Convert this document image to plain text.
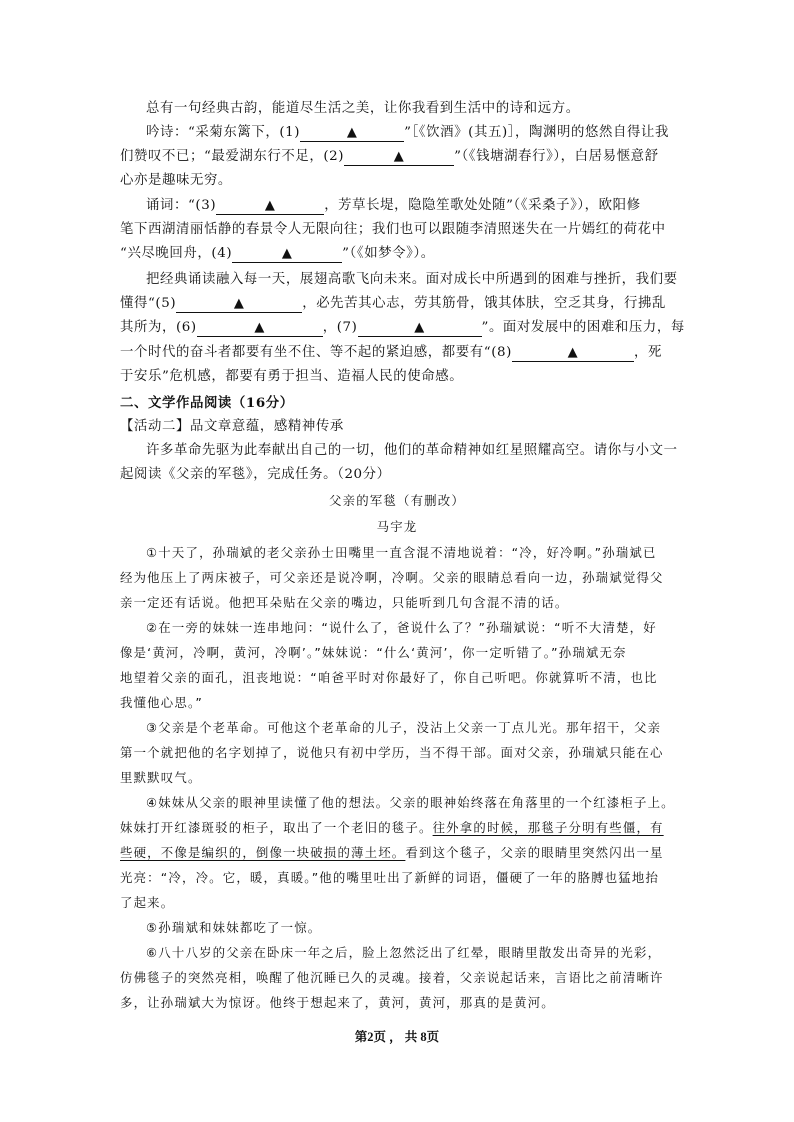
总有一句经典古韵，能道尽生活之美，让你我看到生活中的诗和远方。
吟诗：“采菊东篱下，(1)	▲	”［《饮酒》(其五)］，陶渊明的悠然自得让我
们赞叹不已；“最爱湖东行不足，(2)	▲	”（《钱塘湖春行》），白居易惬意舒
心亦是趣味无穷。
诵词：“(3)	▲	，芳草长堤，隐隐笙歌处处随”（《采桑子》），欧阳修
笔下西湖清丽恬静的春景令人无限向往；我们也可以跟随李清照迷失在一片嫣红的荷花中
“兴尽晚回舟，(4)	▲	”（《如梦令》）。
把经典诵读融入每一天，展翅高歌飞向未来。面对成长中所遇到的困难与挫折，我们要
懂得“(5)	▲	，必先苦其心志，劳其筋骨，饿其体肤，空乏其身，行拂乱
其所为，(6)	▲	，(7)	▲	”。面对发展中的困难和压力，每
一个时代的奋斗者都要有坐不住、等不起的紧迫感，都要有“(8)	▲	，死
于安乐”危机感，都要有勇于担当、造福人民的使命感。
二、文学作品阅读（16分）
【活动二】品文章意蕴，感精神传承
许多革命先驱为此奉献出自己的一切，他们的革命精神如红星照耀高空。请你与小文一
起阅读《父亲的军毯》，完成任务。（20分）
父亲的军毯（有删改）
马宇龙
①十天了，孙瑞斌的老父亲孙士田嘴里一直含混不清地说着：“冷，好冷啊。”孙瑞斌已
经为他压上了两床被子，可父亲还是说冷啊，冷啊。父亲的眼睛总看向一边，孙瑞斌觉得父
亲一定还有话说。他把耳朵贴在父亲的嘴边，只能听到几句含混不清的话。
②在一旁的妹妹一连串地问：“说什么了，爸说什么了？”孙瑞斌说：“听不大清楚，好
像是‘黄河，冷啊，黄河，冷啊’。”妹妹说：“什么‘黄河’，你一定听错了。”孙瑞斌无奈
地望着父亲的面孔，沮丧地说：“咱爸平时对你最好了，你自己听吧。你就算听不清，也比
我懂他心思。”
③父亲是个老革命。可他这个老革命的儿子，没沾上父亲一丁点儿光。那年招干，父亲
第一个就把他的名字划掉了，说他只有初中学历，当不得干部。面对父亲，孙瑞斌只能在心
里默默叹气。
④妹妹从父亲的眼神里读懂了他的想法。父亲的眼神始终落在角落里的一个红漆柜子上。
妹妹打开红漆斑驳的柜子，取出了一个老旧的毯子。往外拿的时候，那毯子分明有些僵，有
些硬，不像是编织的，倒像一块破损的薄土坯。看到这个毯子，父亲的眼睛里突然闪出一星
光亮：“冷，冷。它，暖，真暖。”他的嘴里吐出了新鲜的词语，僵硬了一年的胳膊也猛地抬
了起来。
⑤孙瑞斌和妹妹都吃了一惊。
⑥八十八岁的父亲在卧床一年之后，脸上忽然泛出了红晕，眼睛里散发出奇异的光彩，
仿佛毯子的突然亮相，唤醒了他沉睡已久的灵魂。接着，父亲说起话来，言语比之前清晰许
多，让孙瑞斌大为惊讶。他终于想起来了，黄河，黄河，那真的是黄河。
第2页 ， 共 8页
